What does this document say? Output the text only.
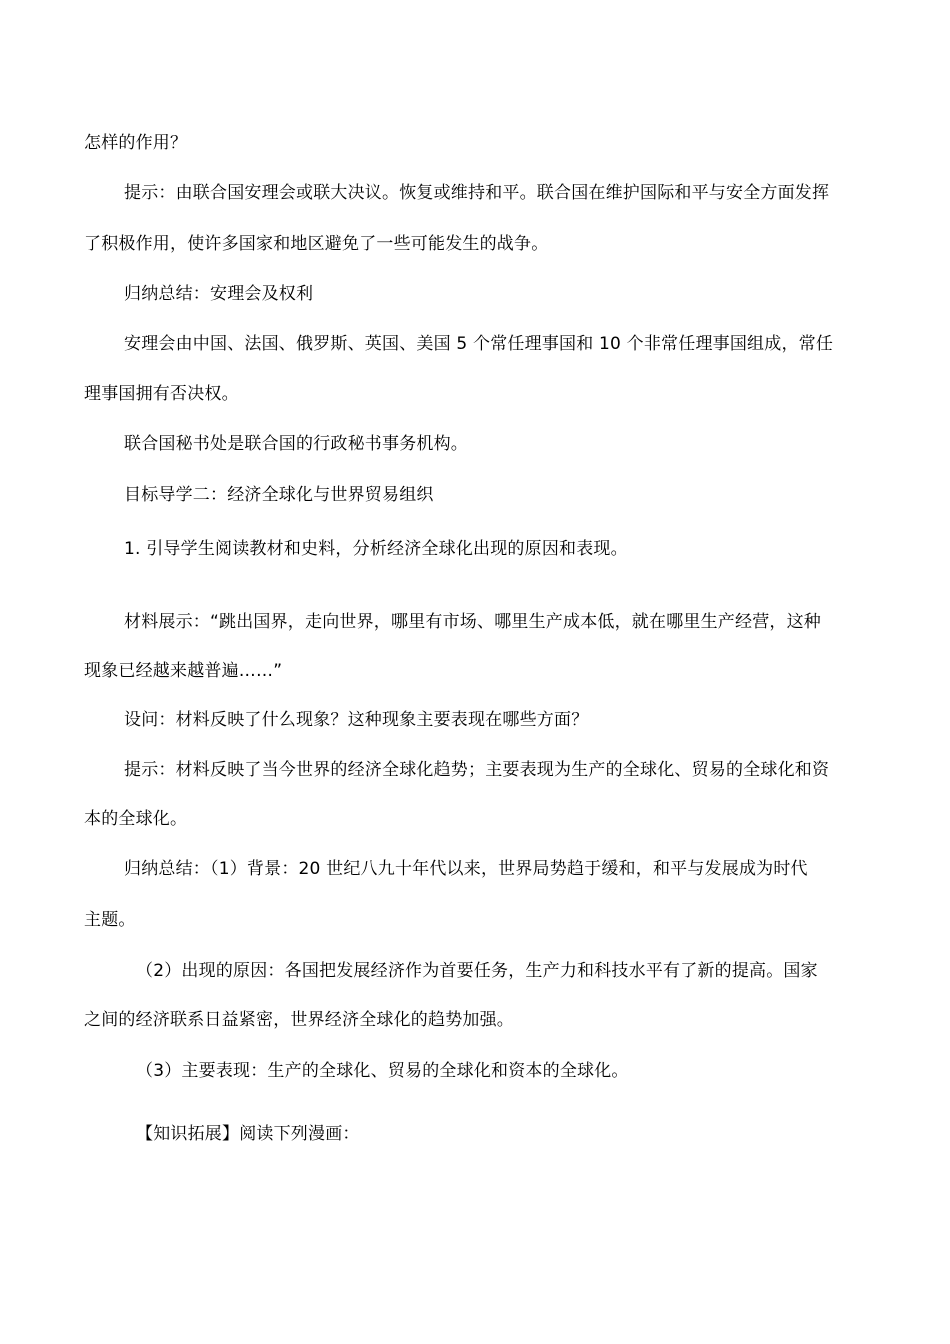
怎样的作用？
提示：由联合国安理会或联大决议。恢复或维持和平。联合国在维护国际和平与安全方面发挥
了积极作用，使许多国家和地区避免了一些可能发生的战争。
归纳总结：安理会及权利
安理会由中国、法国、俄罗斯、英国、美国 5 个常任理事国和 10 个非常任理事国组成，常任
理事国拥有否决权。
联合国秘书处是联合国的行政秘书事务机构。
目标导学二：经济全球化与世界贸易组织
1. 引导学生阅读教材和史料，分析经济全球化出现的原因和表现。
材料展示：“跳出国界，走向世界，哪里有市场、哪里生产成本低，就在哪里生产经营，这种
现象已经越来越普遍……”
设问：材料反映了什么现象？这种现象主要表现在哪些方面？
提示：材料反映了当今世界的经济全球化趋势；主要表现为生产的全球化、贸易的全球化和资
本的全球化。
归纳总结：（1）背景：20 世纪八九十年代以来，世界局势趋于缓和，和平与发展成为时代
主题。
（2）出现的原因：各国把发展经济作为首要任务，生产力和科技水平有了新的提高。国家
之间的经济联系日益紧密，世界经济全球化的趋势加强。
（3）主要表现：生产的全球化、贸易的全球化和资本的全球化。
【知识拓展】阅读下列漫画：
